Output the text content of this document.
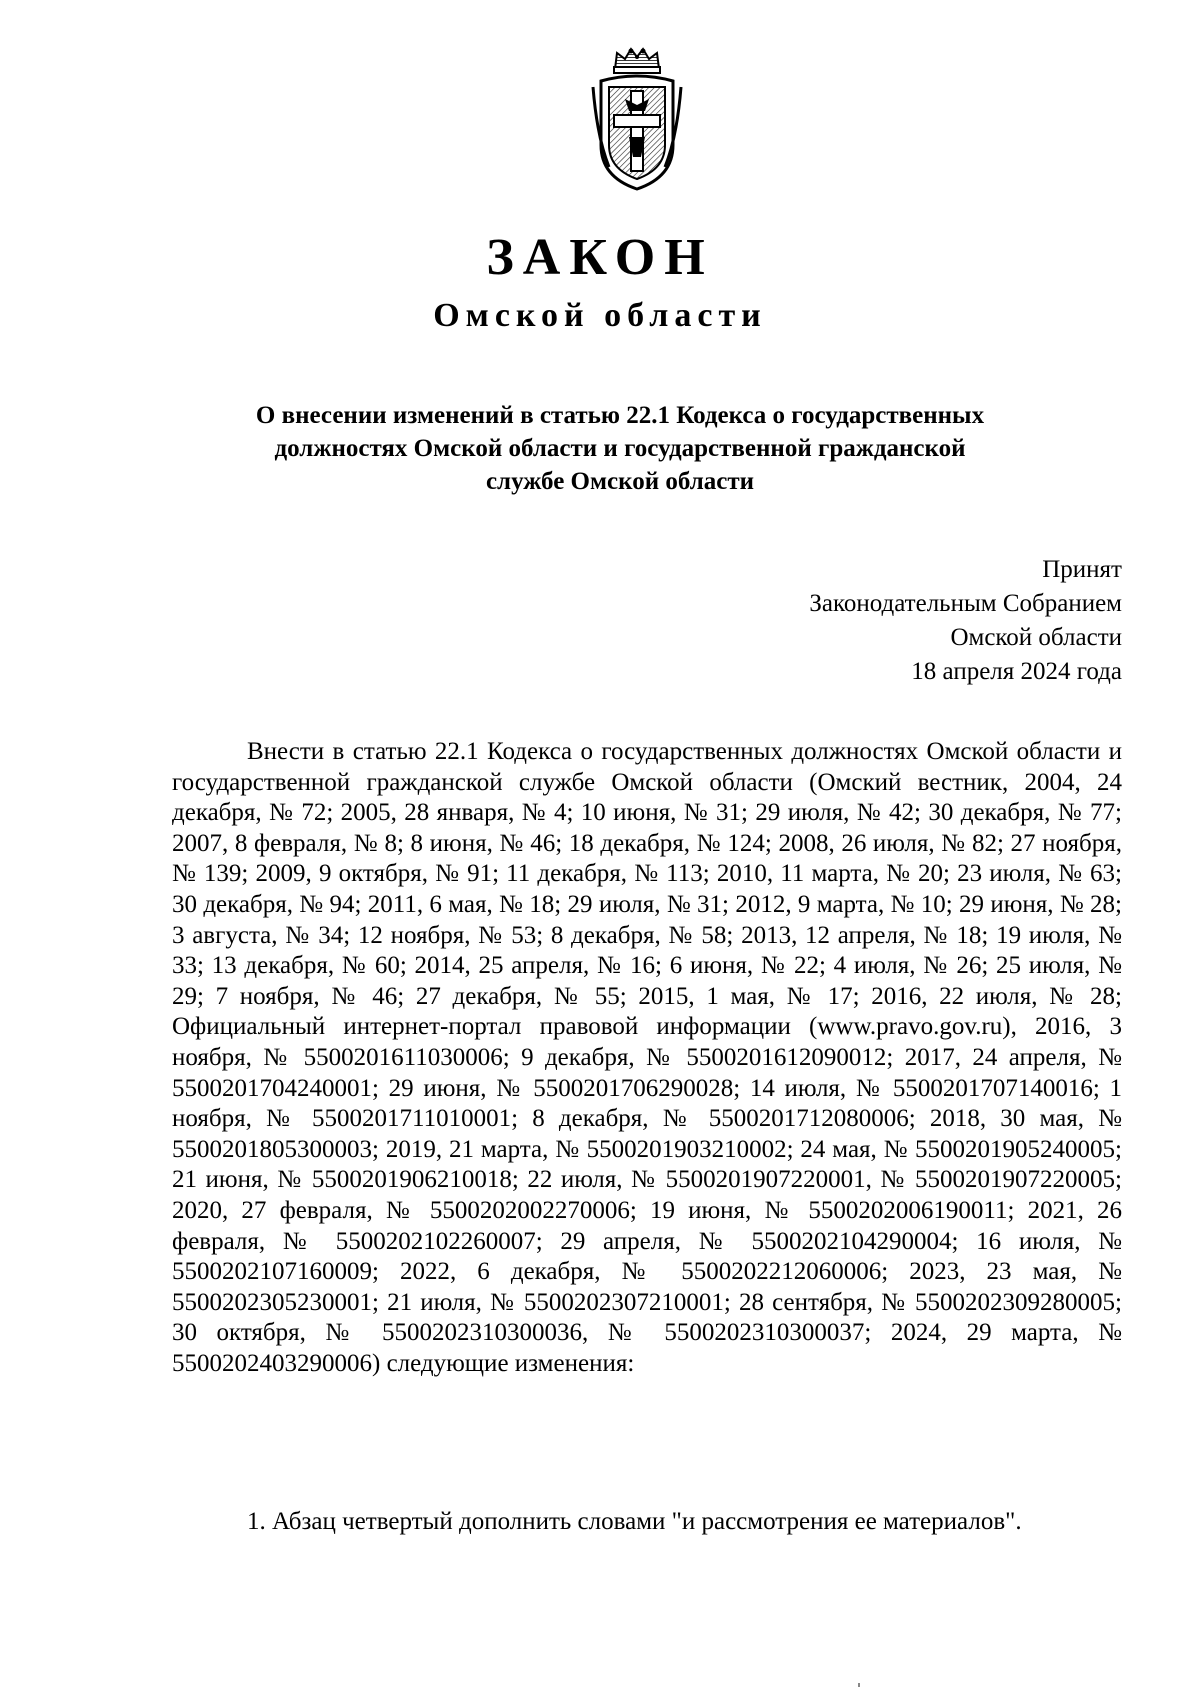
ЗАКОН
Омской области
О внесении изменений в статью 22.1 Кодекса о государственных
должностях Омской области и государственной гражданской
службе Омской области
Принят
Законодательным Собранием
Омской области
18 апреля 2024 года

Внести в статью 22.1 Кодекса о государственных должностях Омской области и государственной гражданской службе Омской области (Омский вестник, 2004, 24 декабря, № 72; 2005, 28 января, № 4; 10 июня, № 31; 29 июля, № 42; 30 декабря, № 77; 2007, 8 февраля, № 8; 8 июня, № 46; 18 декабря, № 124; 2008, 26 июля, № 82; 27 ноября, № 139; 2009, 9 октября, № 91; 11 декабря, № 113; 2010, 11 марта, № 20; 23 июля, № 63; 30 декабря, № 94; 2011, 6 мая, № 18; 29 июля, № 31; 2012, 9 марта, № 10; 29 июня, № 28; 3 августа, № 34; 12 ноября, № 53; 8 декабря, № 58; 2013, 12 апреля, № 18; 19 июля, № 33; 13 декабря, № 60; 2014, 25 апреля, № 16; 6 июня, № 22; 4 июля, № 26; 25 июля, № 29; 7 ноября, № 46; 27 декабря, № 55; 2015, 1 мая, № 17; 2016, 22 июля, № 28; Официальный интернет-портал правовой информации (www.pravo.gov.ru), 2016, 3 ноября, № 5500201611030006; 9 декабря, № 5500201612090012; 2017, 24 апреля, № 5500201704240001; 29 июня, № 5500201706290028; 14 июля, № 5500201707140016; 1 ноября, № 5500201711010001; 8 декабря, № 5500201712080006; 2018, 30 мая, № 5500201805300003; 2019, 21 марта, № 5500201903210002; 24 мая, № 5500201905240005; 21 июня, № 5500201906210018; 22 июля, № 5500201907220001, № 5500201907220005; 2020, 27 февраля, № 5500202002270006; 19 июня, № 5500202006190011; 2021, 26 февраля, № 5500202102260007; 29 апреля, № 5500202104290004; 16 июля, № 5500202107160009; 2022, 6 декабря, № 5500202212060006; 2023, 23 мая, № 5500202305230001; 21 июля, № 5500202307210001; 28 сентября, № 5500202309280005; 30 октября, № 5500202310300036, № 5500202310300037; 2024, 29 марта, № 5500202403290006) следующие изменения:

1. Абзац четвертый дополнить словами "и рассмотрения ее материалов".
